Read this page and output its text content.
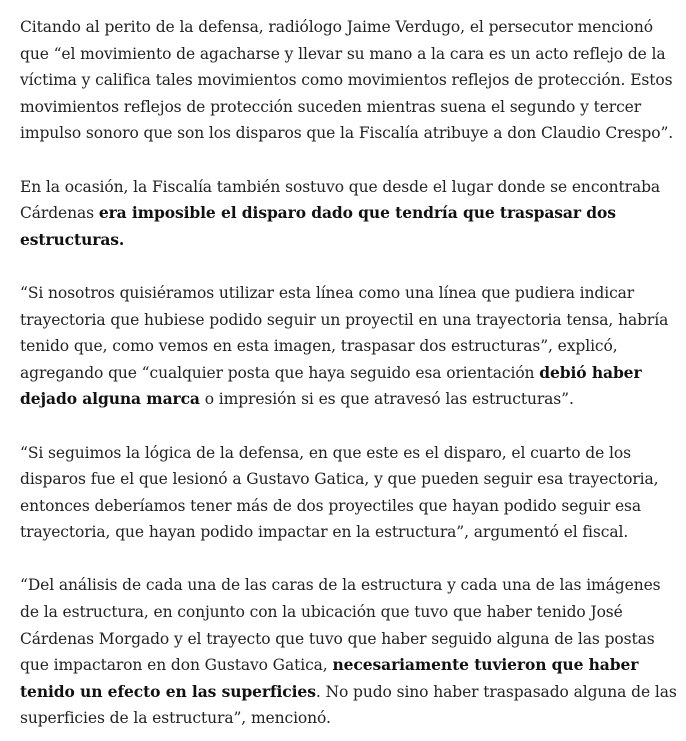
Citando al perito de la defensa, radiólogo Jaime Verdugo, el persecutor mencionó que “el movimiento de agacharse y llevar su mano a la cara es un acto reflejo de la víctima y califica tales movimientos como movimientos reflejos de protección. Estos movimientos reflejos de protección suceden mientras suena el segundo y tercer impulso sonoro que son los disparos que la Fiscalía atribuye a don Claudio Crespo”.

En la ocasión, la Fiscalía también sostuvo que desde el lugar donde se encontraba Cárdenas era imposible el disparo dado que tendría que traspasar dos estructuras.

“Si nosotros quisiéramos utilizar esta línea como una línea que pudiera indicar trayectoria que hubiese podido seguir un proyectil en una trayectoria tensa, habría tenido que, como vemos en esta imagen, traspasar dos estructuras”, explicó, agregando que “cualquier posta que haya seguido esa orientación debió haber dejado alguna marca o impresión si es que atravesó las estructuras”.

“Si seguimos la lógica de la defensa, en que este es el disparo, el cuarto de los disparos fue el que lesionó a Gustavo Gatica, y que pueden seguir esa trayectoria, entonces deberíamos tener más de dos proyectiles que hayan podido seguir esa trayectoria, que hayan podido impactar en la estructura”, argumentó el fiscal.

“Del análisis de cada una de las caras de la estructura y cada una de las imágenes de la estructura, en conjunto con la ubicación que tuvo que haber tenido José Cárdenas Morgado y el trayecto que tuvo que haber seguido alguna de las postas que impactaron en don Gustavo Gatica, necesariamente tuvieron que haber tenido un efecto en las superficies. No pudo sino haber traspasado alguna de las superficies de la estructura”, mencionó.
